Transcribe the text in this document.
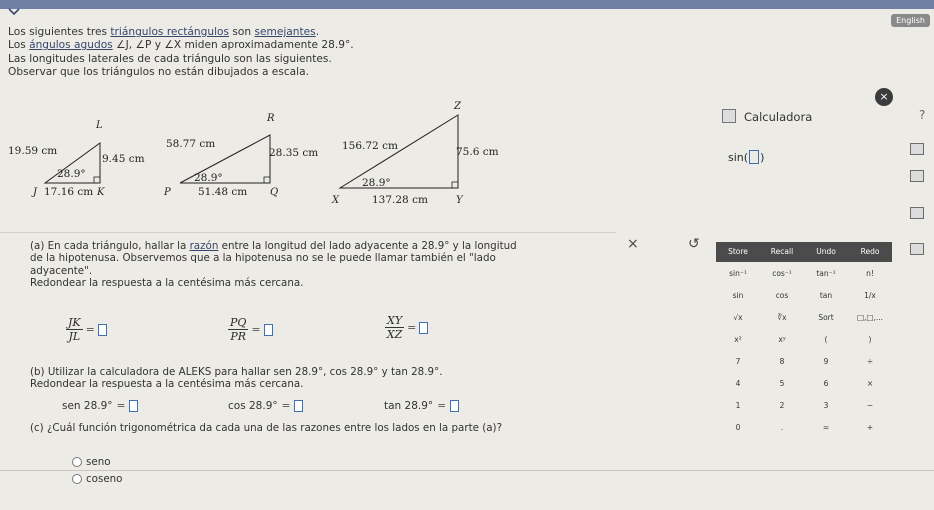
English
Los siguientes tres triángulos rectángulos son semejantes.
Los ángulos agudos ∠J, ∠P y ∠X miden aproximadamente 28.9°.
Las longitudes laterales de cada triángulo son las siguientes.
Observar que los triángulos no están dibujados a escala.
L
J	K
19.59 cm
9.45 cm
17.16 cm
28.9°
R
P	Q
58.77 cm
28.35 cm
51.48 cm
28.9°
Z
X	Y
156.72 cm	75.6 cm
137.28 cm
28.9°
(a) En cada triángulo, hallar la razón entre la longitud del lado adyacente a 28.9° y la longitud
de la hipotenusa. Observemos que a la hipotenusa no se le puede llamar también el "lado
adyacente".
Redondear la respuesta a la centésima más cercana.
$\frac{JK}{JL}$ =	$\frac{PQ}{PR}$ =	$\frac{XY}{XZ}$ =
(b) Utilizar la calculadora de ALEKS para hallar sen 28.9°, cos 28.9° y tan 28.9°.
Redondear la respuesta a la centésima más cercana.
sen 28.9° =	cos 28.9° =	tan 28.9° =
(c) ¿Cuál función trigonométrica da cada una de las razones entre los lados en la parte (a)?
seno
coseno
×	↺
×
Calculadora	?
sin( )
Store	Recall	Undo	Redo
sin⁻¹	cos⁻¹	tan⁻¹	n!
sin	cos	tan	1/x
√x	∛x	Sort	□,□,...
x²	xʸ	(	)
7	8	9	÷
4	5	6	×
1	2	3	−
0	.	=	+
